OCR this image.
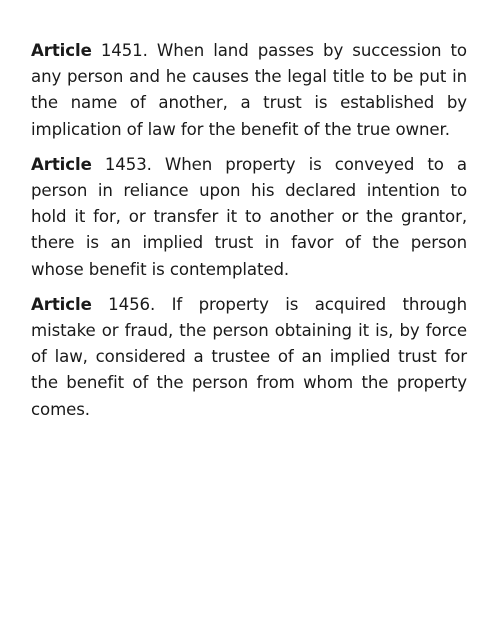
Article 1451. When land passes by succession to any person and he causes the legal title to be put in the name of another, a trust is established by implication of law for the benefit of the true owner.

Article 1453. When property is conveyed to a person in reliance upon his declared intention to hold it for, or transfer it to another or the grantor, there is an implied trust in favor of the person whose benefit is contemplated.

Article 1456. If property is acquired through mistake or fraud, the person obtaining it is, by force of law, considered a trustee of an implied trust for the benefit of the person from whom the property comes.
